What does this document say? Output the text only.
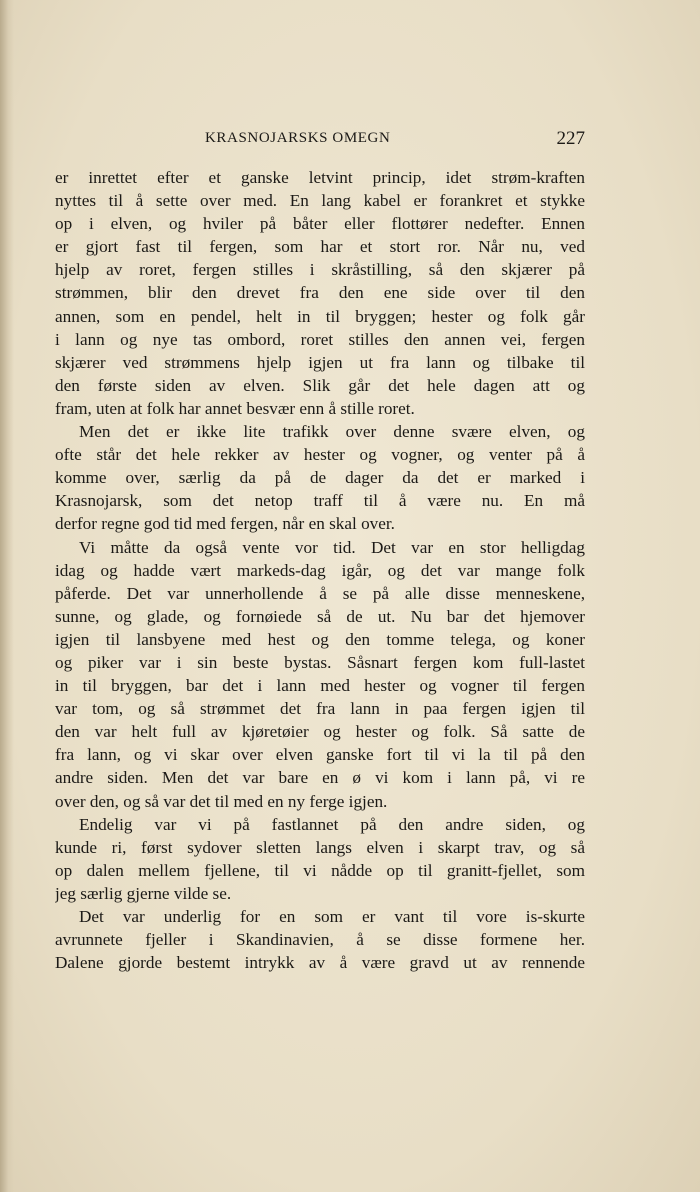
KRASNOJARSKS OMEGN	227
er inrettet efter et ganske letvint princip, idet strøm-kraften
nyttes til å sette over med. En lang kabel er forankret et stykke
op i elven, og hviler på båter eller flottører nedefter. Ennen
er gjort fast til fergen, som har et stort ror. Når nu, ved
hjelp av roret, fergen stilles i skråstilling, så den skjærer på
strømmen, blir den drevet fra den ene side over til den
annen, som en pendel, helt in til bryggen; hester og folk går
i lann og nye tas ombord, roret stilles den annen vei, fergen
skjærer ved strømmens hjelp igjen ut fra lann og tilbake til
den første siden av elven. Slik går det hele dagen att og
fram, uten at folk har annet besvær enn å stille roret.
Men det er ikke lite trafikk over denne svære elven, og
ofte står det hele rekker av hester og vogner, og venter på å
komme over, særlig da på de dager da det er marked i
Krasnojarsk, som det netop traff til å være nu. En må
derfor regne god tid med fergen, når en skal over.
Vi måtte da også vente vor tid. Det var en stor helligdag
idag og hadde vært markeds-dag igår, og det var mange folk
påferde. Det var unnerhollende å se på alle disse menneskene,
sunne, og glade, og fornøiede så de ut. Nu bar det hjemover
igjen til lansbyene med hest og den tomme telega, og koner
og piker var i sin beste bystas. Såsnart fergen kom full-lastet
in til bryggen, bar det i lann med hester og vogner til fergen
var tom, og så strømmet det fra lann in paa fergen igjen til
den var helt full av kjøretøier og hester og folk. Så satte de
fra lann, og vi skar over elven ganske fort til vi la til på den
andre siden. Men det var bare en ø vi kom i lann på, vi re
over den, og så var det til med en ny ferge igjen.
Endelig var vi på fastlannet på den andre siden, og
kunde ri, først sydover sletten langs elven i skarpt trav, og så
op dalen mellem fjellene, til vi nådde op til granitt-fjellet, som
jeg særlig gjerne vilde se.
Det var underlig for en som er vant til vore is-skurte
avrunnete fjeller i Skandinavien, å se disse formene her.
Dalene gjorde bestemt intrykk av å være gravd ut av rennende
